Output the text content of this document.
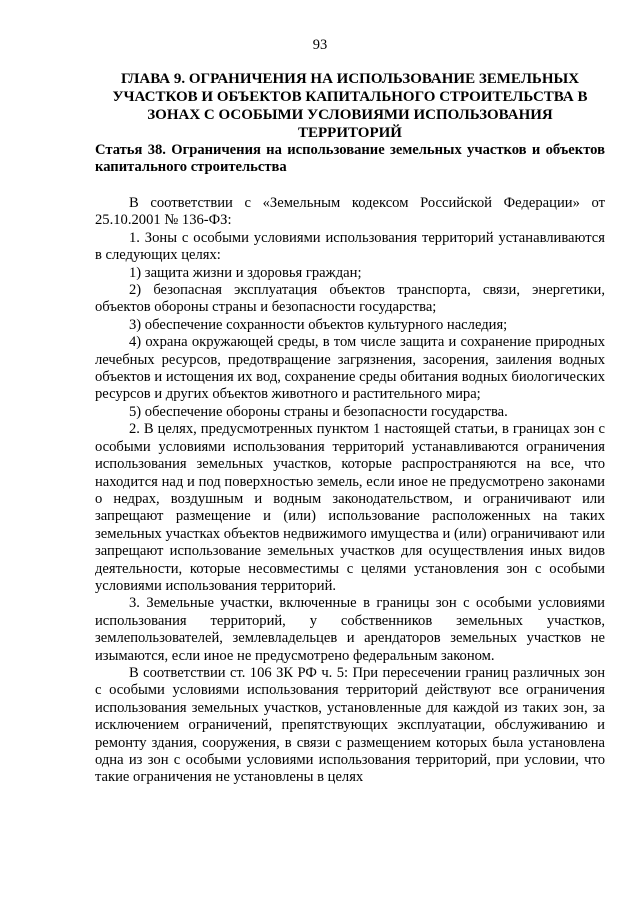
93
ГЛАВА 9. ОГРАНИЧЕНИЯ НА ИСПОЛЬЗОВАНИЕ ЗЕМЕЛЬНЫХ УЧАСТКОВ И ОБЪЕКТОВ КАПИТАЛЬНОГО СТРОИТЕЛЬСТВА В ЗОНАХ С ОСОБЫМИ УСЛОВИЯМИ ИСПОЛЬЗОВАНИЯ ТЕРРИТОРИЙ
Статья 38. Ограничения на использование земельных участков и объектов капитального строительства

В соответствии с «Земельным кодексом Российской Федерации» от 25.10.2001 № 136-ФЗ:

1. Зоны с особыми условиями использования территорий устанавливаются в следующих целях:

1) защита жизни и здоровья граждан;

2) безопасная эксплуатация объектов транспорта, связи, энергетики, объектов обороны страны и безопасности государства;

3) обеспечение сохранности объектов культурного наследия;

4) охрана окружающей среды, в том числе защита и сохранение природных лечебных ресурсов, предотвращение загрязнения, засорения, заиления водных объектов и истощения их вод, сохранение среды обитания водных биологических ресурсов и других объектов животного и растительного мира;

5) обеспечение обороны страны и безопасности государства.

2. В целях, предусмотренных пунктом 1 настоящей статьи, в границах зон с особыми условиями использования территорий устанавливаются ограничения использования земельных участков, которые распространяются на все, что находится над и под поверхностью земель, если иное не предусмотрено законами о недрах, воздушным и водным законодательством, и ограничивают или запрещают размещение и (или) использование расположенных на таких земельных участках объектов недвижимого имущества и (или) ограничивают или запрещают использование земельных участков для осуществления иных видов деятельности, которые несовместимы с целями установления зон с особыми условиями использования территорий.

3. Земельные участки, включенные в границы зон с особыми условиями использования территорий, у собственников земельных участков, землепользователей, землевладельцев и арендаторов земельных участков не изымаются, если иное не предусмотрено федеральным законом.

В соответствии ст. 106 ЗК РФ ч. 5: При пересечении границ различных зон с особыми условиями использования территорий действуют все ограничения использования земельных участков, установленные для каждой из таких зон, за исключением ограничений, препятствующих эксплуатации, обслуживанию и ремонту здания, сооружения, в связи с размещением которых была установлена одна из зон с особыми условиями использования территорий, при условии, что такие ограничения не установлены в целях
